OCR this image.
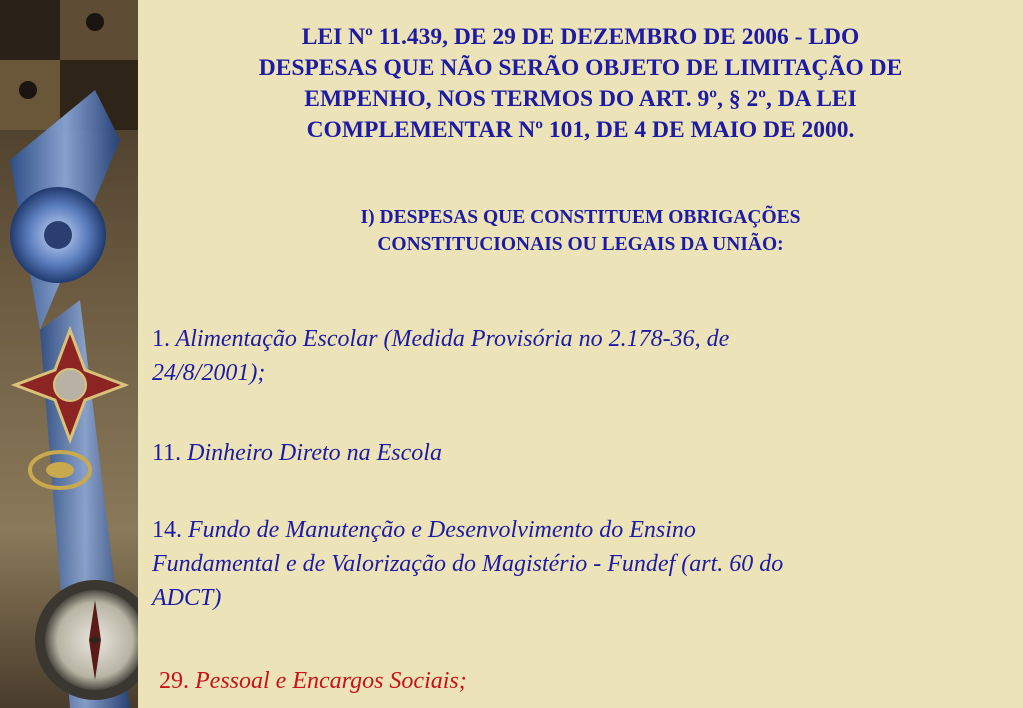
LEI Nº 11.439, DE 29 DE DEZEMBRO DE 2006 - LDO
DESPESAS QUE NÃO SERÃO OBJETO DE LIMITAÇÃO DE
EMPENHO, NOS TERMOS DO ART. 9º, § 2º, DA LEI
COMPLEMENTAR Nº 101, DE 4 DE MAIO DE 2000.
I) DESPESAS QUE CONSTITUEM OBRIGAÇÕES
CONSTITUCIONAIS OU LEGAIS DA UNIÃO:

1. Alimentação Escolar (Medida Provisória no 2.178-36, de
24/8/2001);

11. Dinheiro Direto na Escola

14. Fundo de Manutenção e Desenvolvimento do Ensino
Fundamental e de Valorização do Magistério - Fundef (art. 60 do
ADCT)

29. Pessoal e Encargos Sociais;
